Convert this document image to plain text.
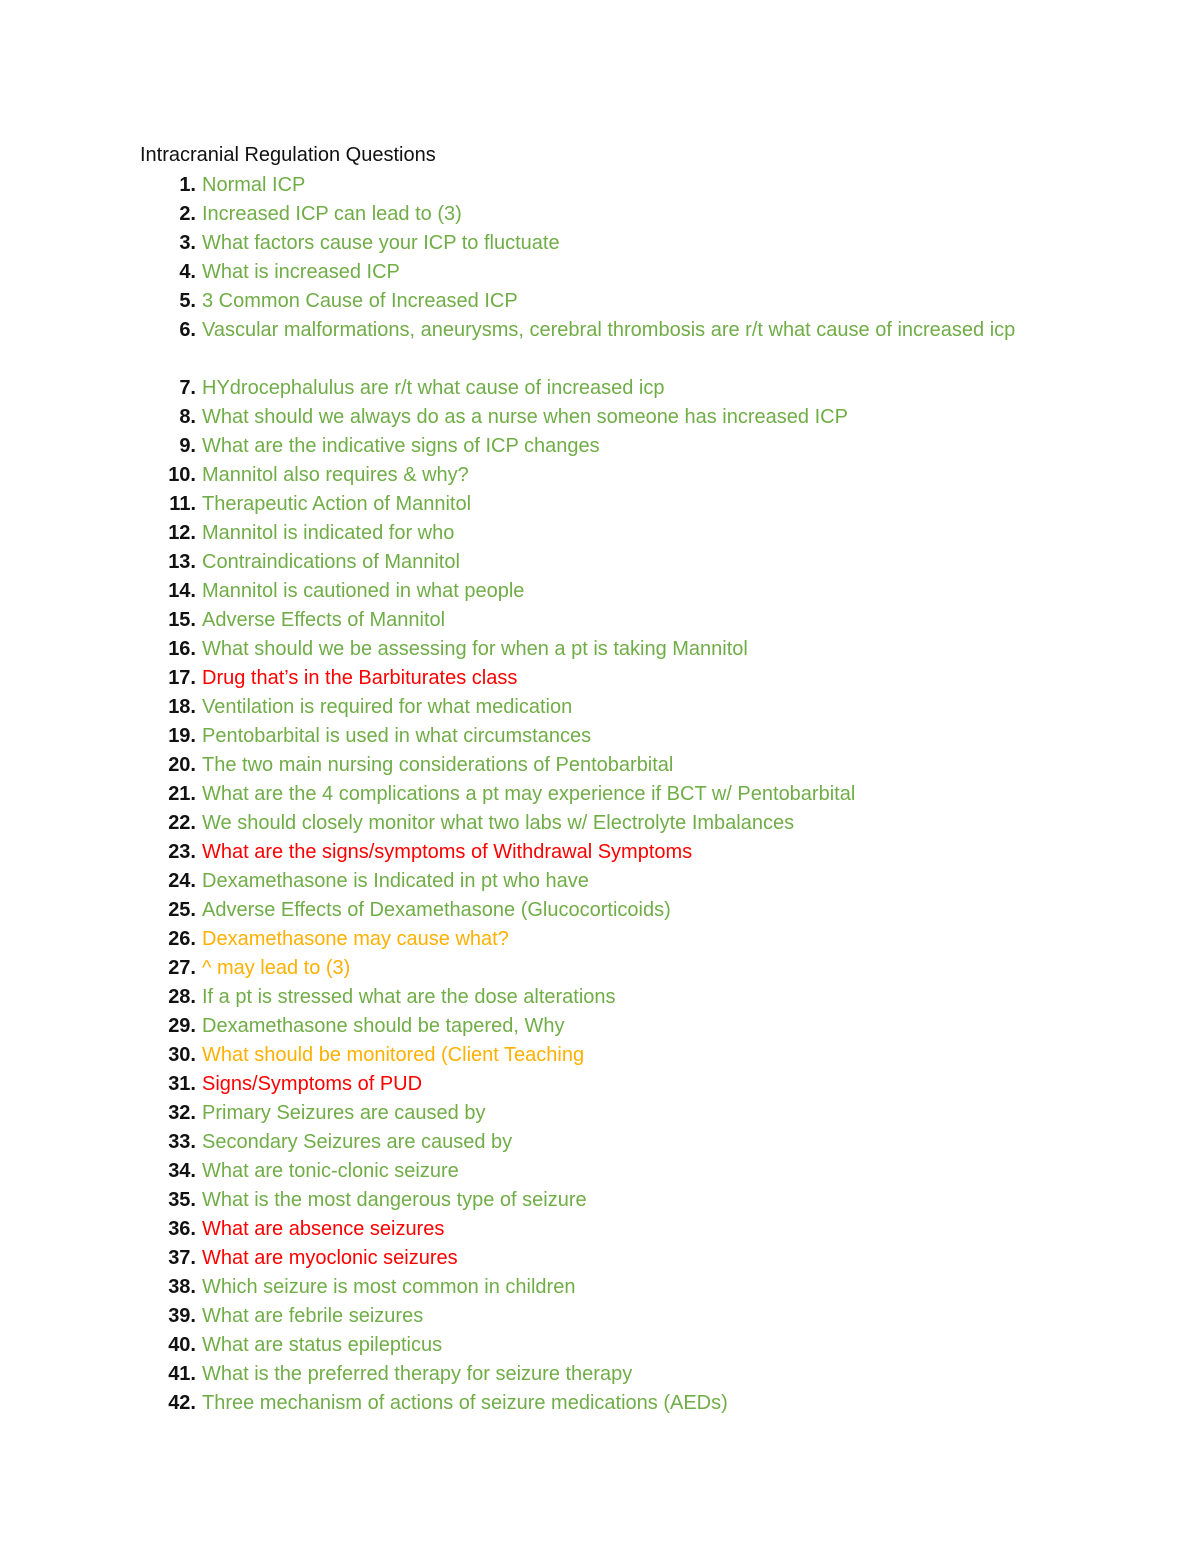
Intracranial Regulation Questions
1. Normal ICP
2. Increased ICP can lead to (3)
3. What factors cause your ICP to fluctuate
4. What is increased ICP
5. 3 Common Cause of Increased ICP
6. Vascular malformations, aneurysms, cerebral thrombosis are r/t what cause of increased icp
7. HYdrocephalulus are r/t what cause of increased icp
8. What should we always do as a nurse when someone has increased ICP
9. What are the indicative signs of ICP changes
10. Mannitol also requires & why?
11. Therapeutic Action of Mannitol
12. Mannitol is indicated for who
13. Contraindications of Mannitol
14. Mannitol is cautioned in what people
15. Adverse Effects of Mannitol
16. What should we be assessing for when a pt is taking Mannitol
17. Drug that’s in the Barbiturates class
18. Ventilation is required for what medication
19. Pentobarbital is used in what circumstances
20. The two main nursing considerations of Pentobarbital
21. What are the 4 complications a pt may experience if BCT w/ Pentobarbital
22. We should closely monitor what two labs w/ Electrolyte Imbalances
23. What are the signs/symptoms of Withdrawal Symptoms
24. Dexamethasone is Indicated in pt who have
25. Adverse Effects of Dexamethasone (Glucocorticoids)
26. Dexamethasone may cause what?
27. ^ may lead to (3)
28. If a pt is stressed what are the dose alterations
29. Dexamethasone should be tapered, Why
30. What should be monitored (Client Teaching
31. Signs/Symptoms of PUD
32. Primary Seizures are caused by
33. Secondary Seizures are caused by
34. What are tonic-clonic seizure
35. What is the most dangerous type of seizure
36. What are absence seizures
37. What are myoclonic seizures
38. Which seizure is most common in children
39. What are febrile seizures
40. What are status epilepticus
41. What is the preferred therapy for seizure therapy
42. Three mechanism of actions of seizure medications (AEDs)
